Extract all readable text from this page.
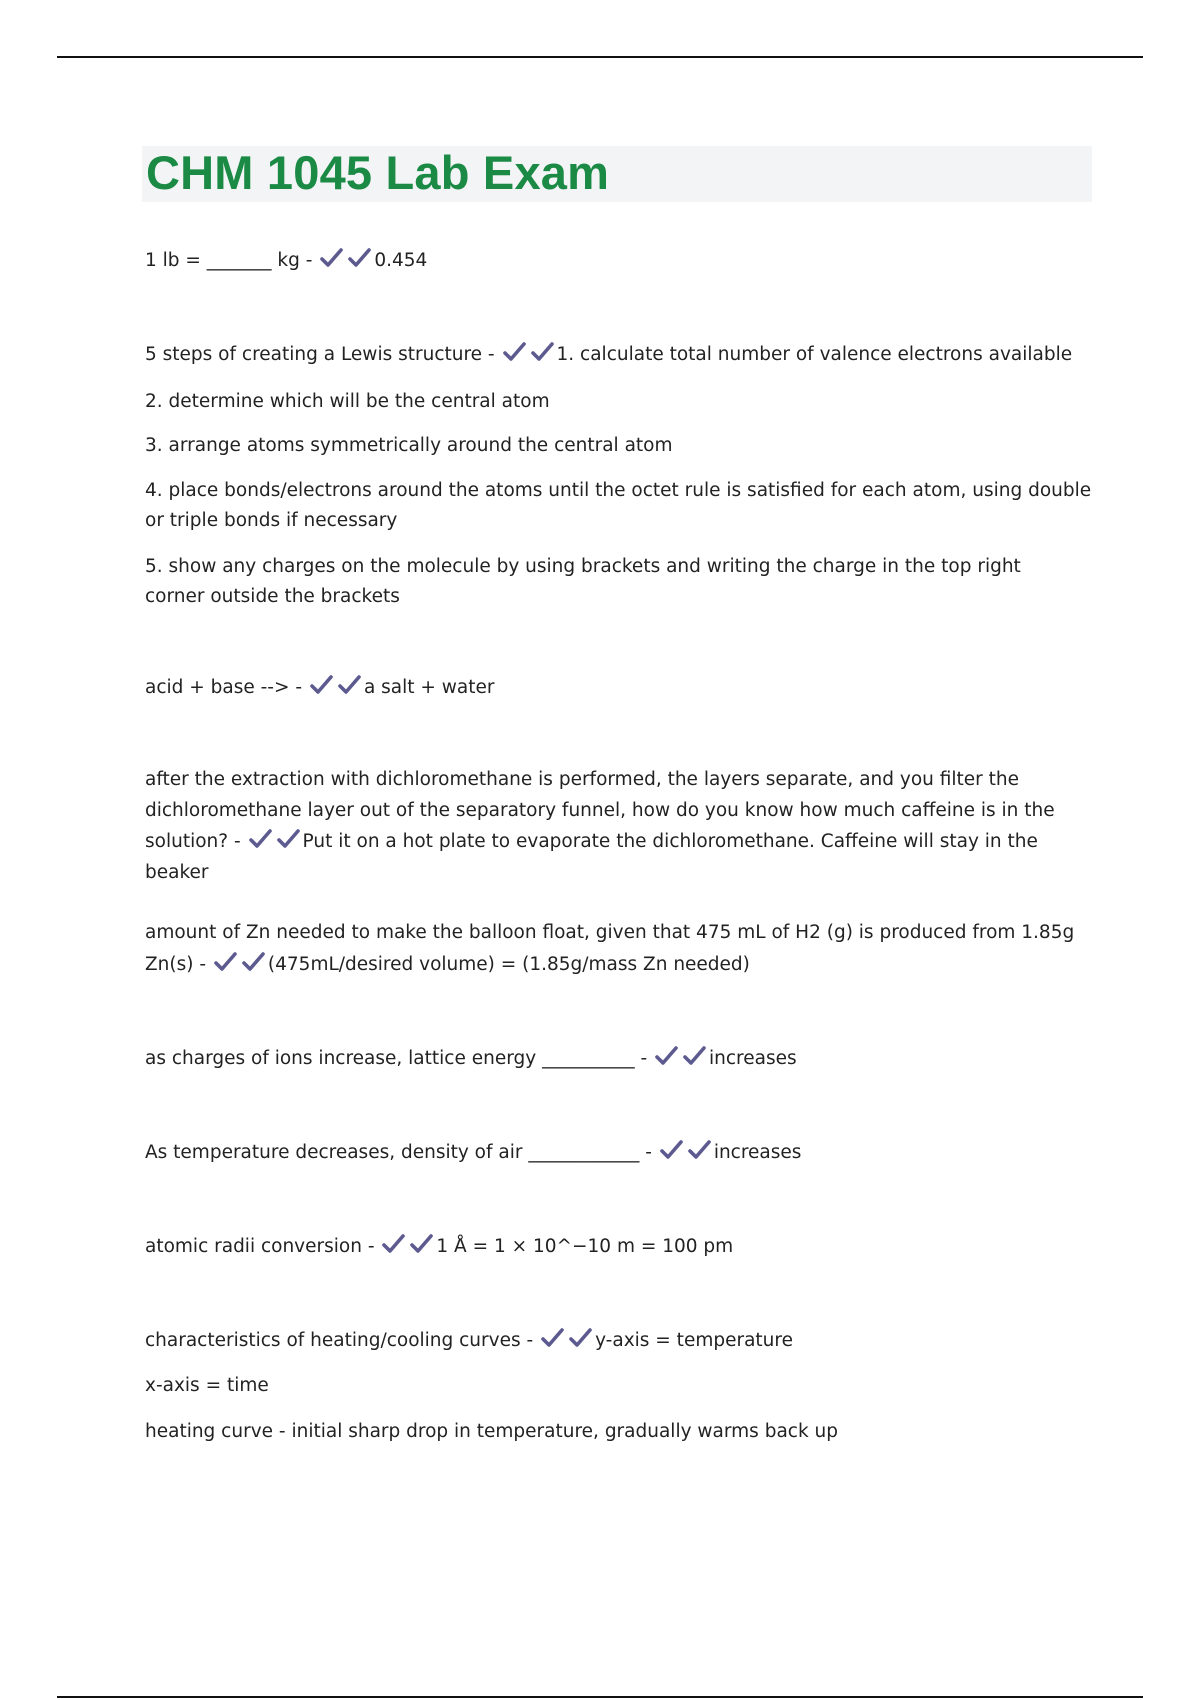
CHM 1045 Lab Exam
1 lb = _______ kg -	0.454
5 steps of creating a Lewis structure -	1. calculate total number of valence electrons available
2. determine which will be the central atom
3. arrange atoms symmetrically around the central atom

4. place bonds/electrons around the atoms until the octet rule is satisfied for each atom, using double or triple bonds if necessary

5. show any charges on the molecule by using brackets and writing the charge in the top right corner outside the brackets

acid + base --> -	a salt + water

after the extraction with dichloromethane is performed, the layers separate, and you filter the dichloromethane layer out of the separatory funnel, how do you know how much caffeine is in the solution? -	Put it on a hot plate to evaporate the dichloromethane. Caffeine will stay in the beaker

amount of Zn needed to make the balloon float, given that 475 mL of H2 (g) is produced from 1.85g Zn(s) -	(475mL/desired volume) = (1.85g/mass Zn needed)

as charges of ions increase, lattice energy __________ -	increases
As temperature decreases, density of air ____________ -	increases
atomic radii conversion -	1 Å = 1 × 10^−10 m = 100 pm
characteristics of heating/cooling curves -	y-axis = temperature
x-axis = time
heating curve - initial sharp drop in temperature, gradually warms back up
